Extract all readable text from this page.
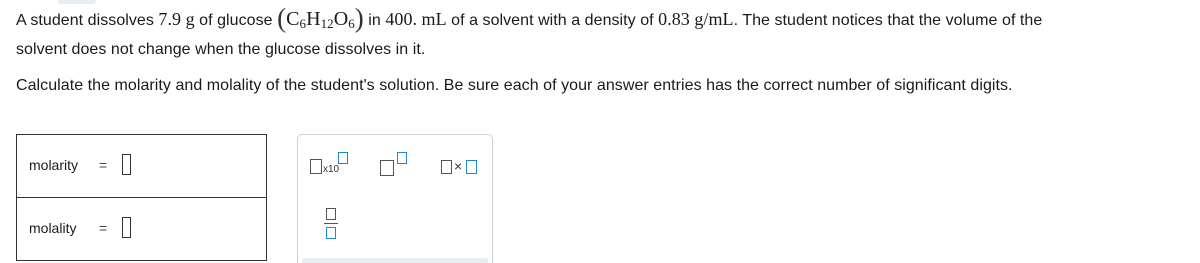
A student dissolves 7.9 g of glucose $(C_6H_{12}O_6)$ in 400. mL of a solvent with a density of 0.83 g/mL. The student notices that the volume of the
solvent does not change when the glucose dissolves in it.
Calculate the molarity and molality of the student's solution. Be sure each of your answer entries has the correct number of significant digits.
molarity =
molality =
x10	×
